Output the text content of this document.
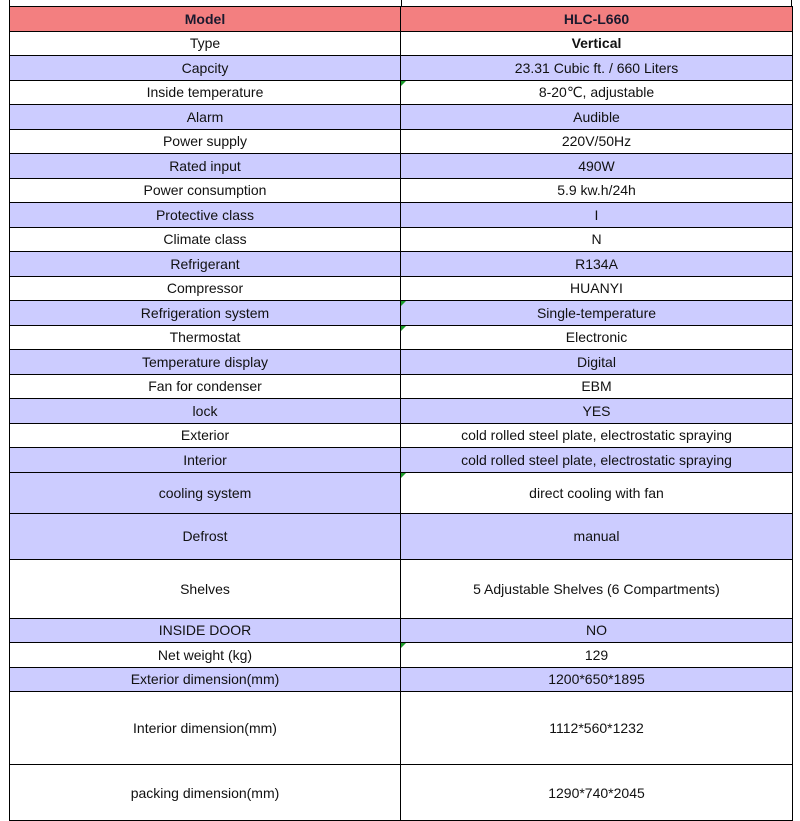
Model	HLC-L660
Type	Vertical
Capcity	23.31 Cubic ft. / 660 Liters
Inside temperature	8-20℃, adjustable
Alarm	Audible
Power supply	220V/50Hz
Rated input	490W
Power consumption	5.9 kw.h/24h
Protective class	I
Climate class	N
Refrigerant	R134A
Compressor	HUANYI
Refrigeration system	Single-temperature
Thermostat	Electronic
Temperature display	Digital
Fan for condenser	EBM
lock	YES
Exterior	cold rolled steel plate, electrostatic spraying
Interior	cold rolled steel plate, electrostatic spraying
cooling system	direct cooling with fan
Defrost	manual
Shelves	5 Adjustable Shelves (6 Compartments)
INSIDE DOOR	NO
Net weight (kg)	129
Exterior dimension(mm)	1200*650*1895
Interior dimension(mm)	1112*560*1232
packing dimension(mm)	1290*740*2045
